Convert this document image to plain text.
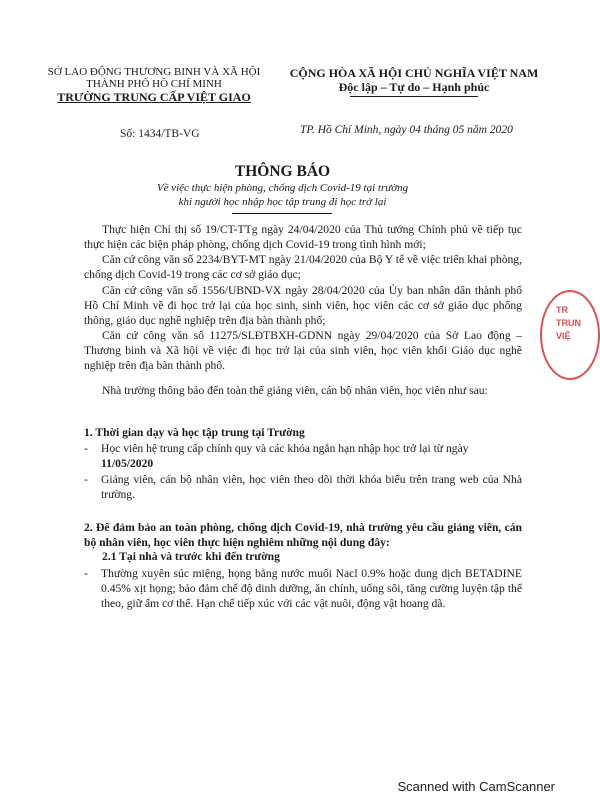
SỞ LAO ĐỘNG THƯƠNG BINH VÀ XÃ HỘI
THÀNH PHỐ HỒ CHÍ MINH
TRƯỜNG TRUNG CẤP VIỆT GIAO
Số: 1434/TB-VG
CỘNG HÒA XÃ HỘI CHỦ NGHĨA VIỆT NAM
Độc lập – Tự do – Hạnh phúc
TP. Hồ Chí Minh, ngày 04 tháng 05 năm 2020
THÔNG BÁO
Về việc thực hiện phòng, chống dịch Covid-19 tại trường
khi người học nhập học tập trung đi học trở lại
Thực hiện Chỉ thị số 19/CT-TTg ngày 24/04/2020 của Thủ tướng Chính phủ về tiếp tục thực hiện các biện pháp phòng, chống dịch Covid-19 trong tình hình mới;
Căn cứ công văn số 2234/BYT-MT ngày 21/04/2020 của Bộ Y tế về việc triển khai phòng, chống dịch Covid-19 trong các cơ sở giáo dục;
Căn cứ công văn số 1556/UBND-VX ngày 28/04/2020 của Ủy ban nhân dân thành phố Hồ Chí Minh về đi học trở lại của học sinh, sinh viên, học viên các cơ sở giáo dục phổng thông, giáo dục nghề nghiệp trên địa bàn thành phố;
Căn cứ công văn số 11275/SLĐTBXH-GDNN ngày 29/04/2020 của Sở Lao động – Thương binh và Xã hội về việc đi học trở lại của sinh viên, học viên khối Giáo dục nghề nghiệp trên địa bàn thành phố.
Nhà trường thông báo đến toàn thể giảng viên, cán bộ nhân viên, học viên như sau:
1. Thời gian dạy và học tập trung tại Trường
- Học viên hệ trung cấp chính quy và các khóa ngắn hạn nhập học trở lại từ ngày
11/05/2020
- Giảng viên, cán bộ nhân viên, học viên theo dõi thời khóa biểu trên trang web của Nhà trường.
2. Để đảm bảo an toàn phòng, chống dịch Covid-19, nhà trường yêu cầu giảng viên, cán bộ nhân viên, học viên thực hiện nghiêm những nội dung đây:
2.1 Tại nhà và trước khi đến trường
- Thường xuyên súc miệng, họng bằng nước muối Nacl 0.9% hoặc dung dịch BETADINE 0.45% xịt họng; bảo đảm chế độ dinh dưỡng, ăn chính, uống sôi, tăng cường luyện tập thể theo, giữ ấm cơ thể. Hạn chế tiếp xúc với các vật nuôi, động vật hoang dã.
TR
TRUN
VIỆ
Scanned with CamScanner
